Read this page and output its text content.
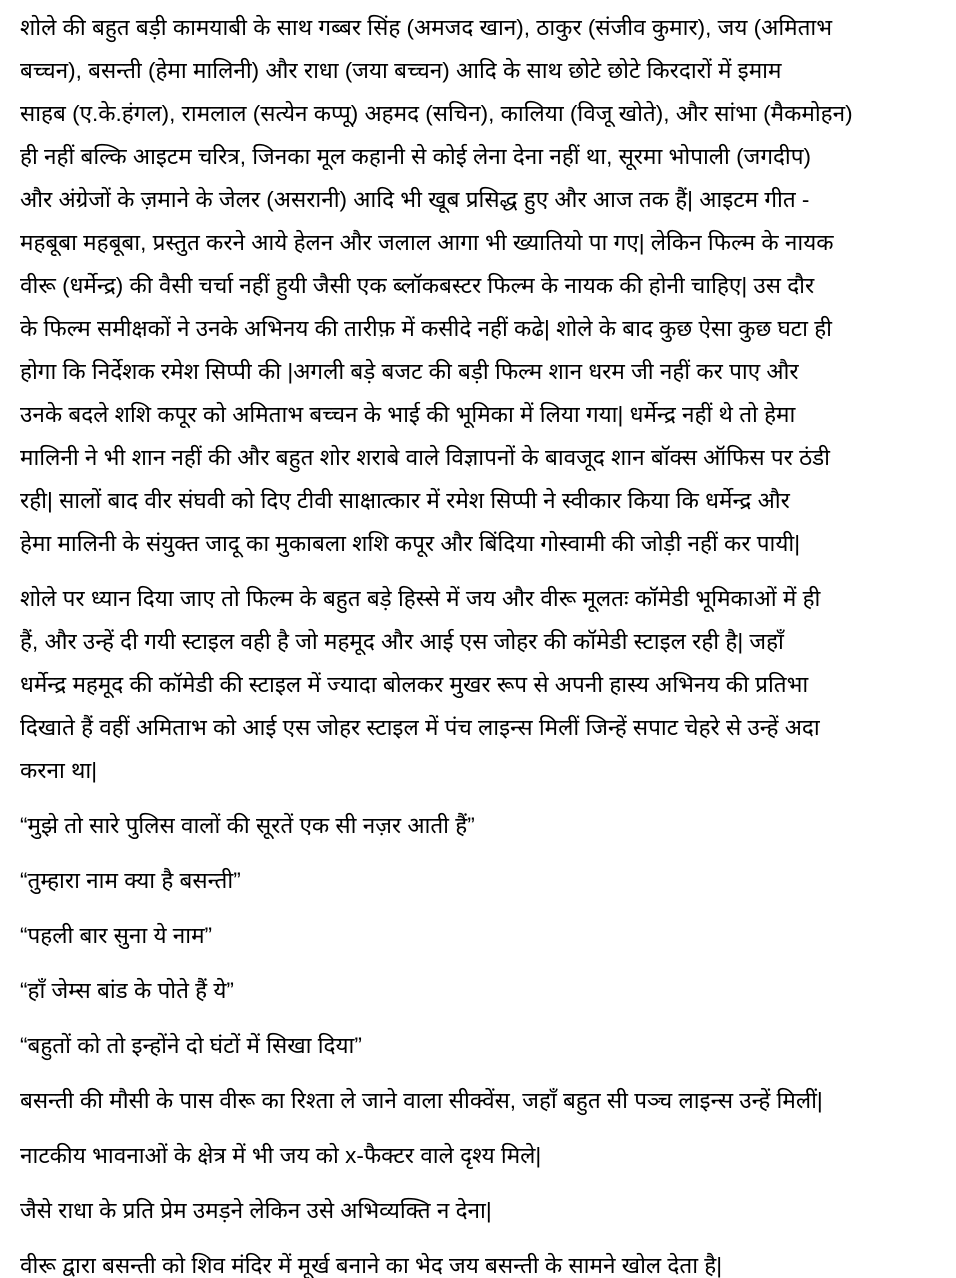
शोले की बहुत बड़ी कामयाबी के साथ गब्बर सिंह (अमजद खान), ठाकुर (संजीव कुमार), जय (अमिताभ
बच्चन), बसन्ती (हेमा मालिनी) और राधा (जया बच्चन) आदि के साथ छोटे छोटे किरदारों में इमाम
साहब (ए.के.हंगल), रामलाल (सत्येन कप्पू) अहमद (सचिन), कालिया (विजू खोते), और सांभा (मैकमोहन)
ही नहीं बल्कि आइटम चरित्र, जिनका मूल कहानी से कोई लेना देना नहीं था, सूरमा भोपाली (जगदीप)
और अंग्रेजों के ज़माने के जेलर (असरानी) आदि भी खूब प्रसिद्ध हुए और आज तक हैं| आइटम गीत -
महबूबा महबूबा, प्रस्तुत करने आये हेलन और जलाल आगा भी ख्यातियो पा गए| लेकिन फिल्म के नायक
वीरू (धर्मेन्द्र) की वैसी चर्चा नहीं हुयी जैसी एक ब्लॉकबस्टर फिल्म के नायक की होनी चाहिए| उस दौर
के फिल्म समीक्षकों ने उनके अभिनय की तारीफ़ में कसीदे नहीं कढे| शोले के बाद कुछ ऐसा कुछ घटा ही
होगा कि निर्देशक रमेश सिप्पी की |अगली बड़े बजट की बड़ी फिल्म शान धरम जी नहीं कर पाए और
उनके बदले शशि कपूर को अमिताभ बच्चन के भाई की भूमिका में लिया गया| धर्मेन्द्र नहीं थे तो हेमा
मालिनी ने भी शान नहीं की और बहुत शोर शराबे वाले विज्ञापनों के बावजूद शान बॉक्स ऑफिस पर ठंडी
रही| सालों बाद वीर संघवी को दिए टीवी साक्षात्कार में रमेश सिप्पी ने स्वीकार किया कि धर्मेन्द्र और
हेमा मालिनी के संयुक्त जादू का मुकाबला शशि कपूर और बिंदिया गोस्वामी की जोड़ी नहीं कर पायी|
शोले पर ध्यान दिया जाए तो फिल्म के बहुत बड़े हिस्से में जय और वीरू मूलतः कॉमेडी भूमिकाओं में ही
हैं, और उन्हें दी गयी स्टाइल वही है जो महमूद और आई एस जोहर की कॉमेडी स्टाइल रही है| जहाँ
धर्मेन्द्र महमूद की कॉमेडी की स्टाइल में ज्यादा बोलकर मुखर रूप से अपनी हास्य अभिनय की प्रतिभा
दिखाते हैं वहीं अमिताभ को आई एस जोहर स्टाइल में पंच लाइन्स मिलीं जिन्हें सपाट चेहरे से उन्हें अदा
करना था|
“मुझे तो सारे पुलिस वालों की सूरतें एक सी नज़र आती हैं”
“तुम्हारा नाम क्या है बसन्ती”
“पहली बार सुना ये नाम”
“हाँ जेम्स बांड के पोते हैं ये”
“बहुतों को तो इन्होंने दो घंटों में सिखा दिया”
बसन्ती की मौसी के पास वीरू का रिश्ता ले जाने वाला सीक्वेंस, जहाँ बहुत सी पञ्च लाइन्स उन्हें मिलीं|
नाटकीय भावनाओं के क्षेत्र में भी जय को x-फैक्टर वाले दृश्य मिले|
जैसे राधा के प्रति प्रेम उमड़ने लेकिन उसे अभिव्यक्ति न देना|
वीरू द्वारा बसन्ती को शिव मंदिर में मूर्ख बनाने का भेद जय बसन्ती के सामने खोल देता है|
